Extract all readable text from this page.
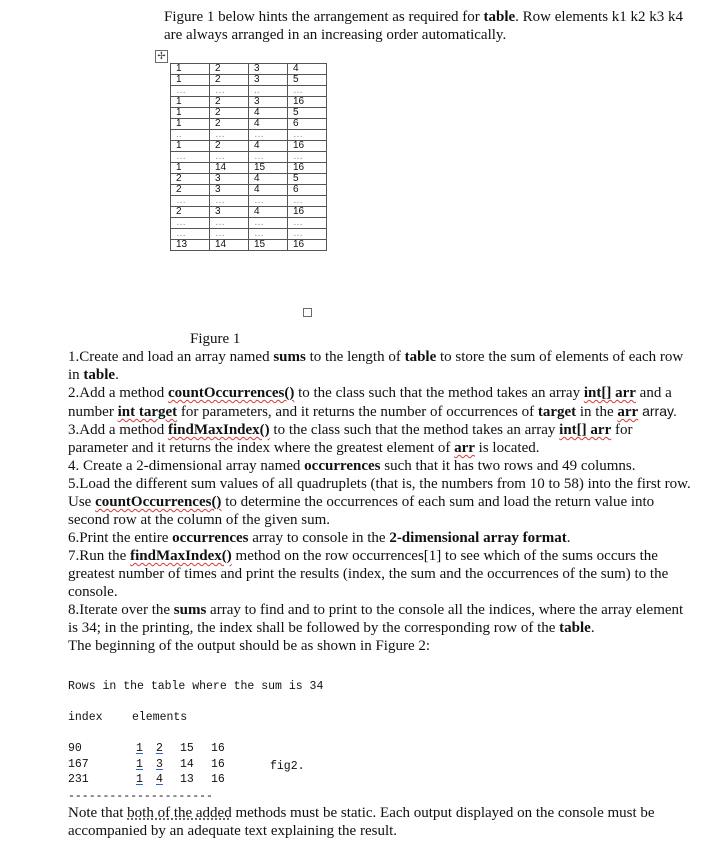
Figure 1 below hints the arrangement as required for table. Row elements k1 k2 k3 k4 are always arranged in an increasing order automatically.
✢
1	2	3	4
1	2	3	5
…	…	..	…
1	2	3	16
1	2	4	5
1	2	4	6
..	…	…	…
1	2	4	16
…	…	…	…
1	14	15	16
2	3	4	5
2	3	4	6
…	…	…	…
2	3	4	16
…	…	…	…
…	…	…	…
13	14	15	16
Figure 1

1.Create and load an array named sums to the length of table to store the sum of elements of each row in table.

2.Add a method countOccurrences() to the class such that the method takes an array int[] arr and a number int target for parameters, and it returns the number of occurrences of target in the arr array.

3.Add a method findMaxIndex() to the class such that the method takes an array int[] arr for parameter and it returns the index where the greatest element of arr is located.

4. Create a 2-dimensional array named occurrences such that it has two rows and 49 columns.

5.Load the different sum values of all quadruplets (that is, the numbers from 10 to 58) into the first row. Use countOccurrences() to determine the occurrences of each sum and load the return value into second row at the column of the given sum.

6.Print the entire occurrences array to console in the 2-dimensional array format.

7.Run the findMaxIndex() method on the row occurrences[1] to see which of the sums occurs the greatest number of times and print the results (index, the sum and the occurrences of the sum) to the console.

8.Iterate over the sums array to find and to print to the console all the indices, where the array element is 34; in the printing, the index shall be followed by the corresponding row of the table.

The beginning of the output should be as shown in Figure 2:

Rows in the table where the sum is 34
index	elements
90	1 2 15 16
167	1 3 14 16
231	1 4 13 16
---------------------
fig2.
Note that both of the added methods must be static. Each output displayed on the console must be accompanied by an adequate text explaining the result.
